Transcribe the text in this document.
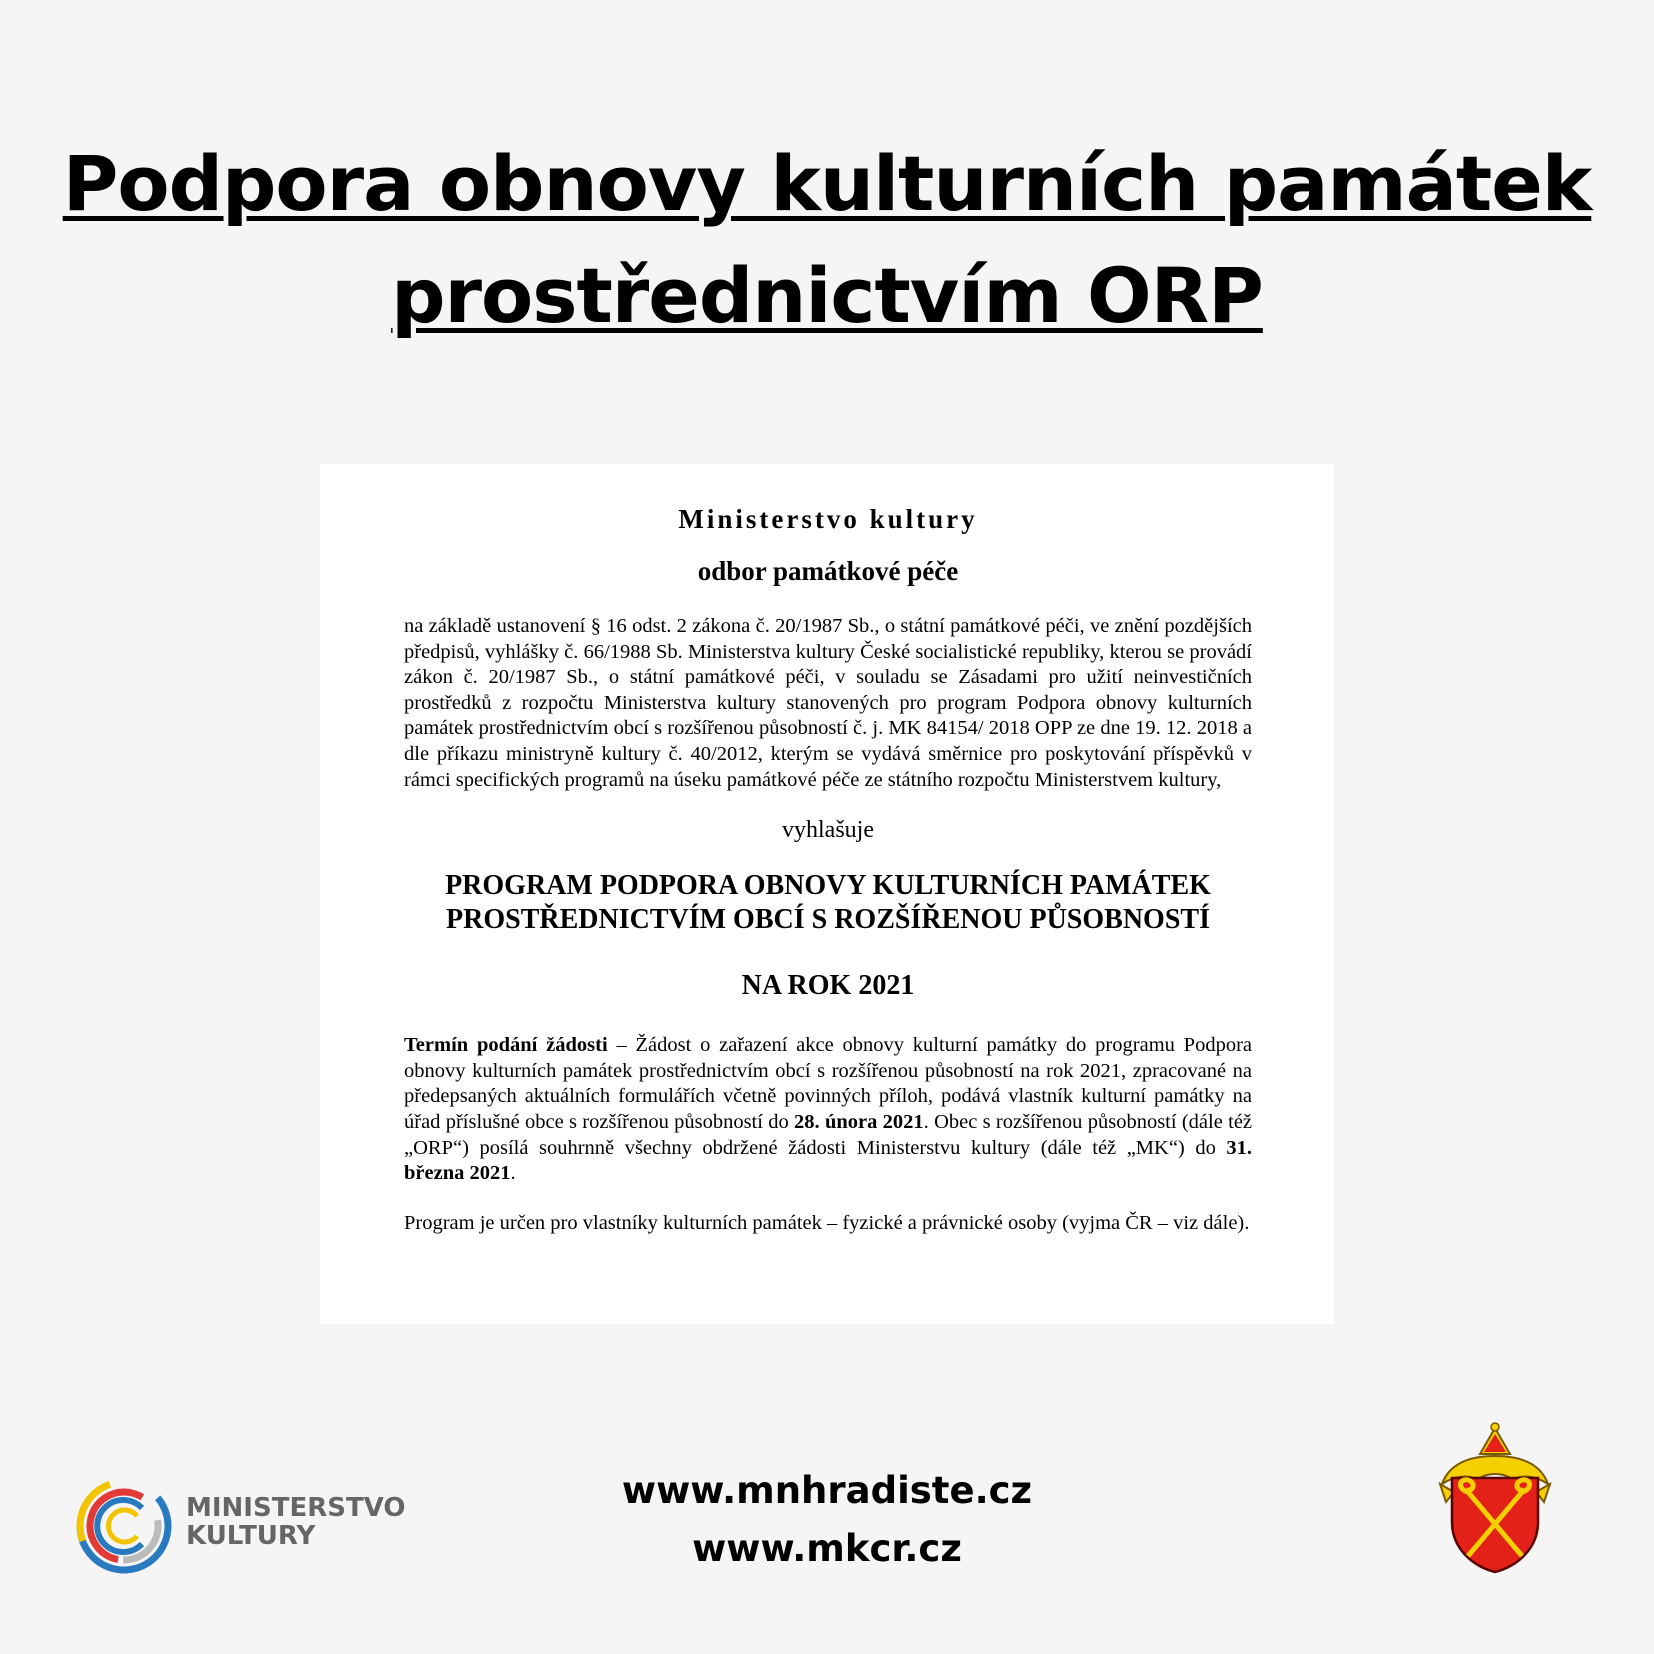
Podpora obnovy kulturních památek
prostřednictvím ORP

Ministerstvo kultury

odbor památkové péče

na základě ustanovení § 16 odst. 2 zákona č. 20/1987 Sb., o státní památkové péči, ve znění pozdějších předpisů, vyhlášky č. 66/1988 Sb. Ministerstva kultury České socialistické republiky, kterou se provádí zákon č. 20/1987 Sb., o státní památkové péči, v souladu se Zásadami pro užití neinvestičních prostředků z rozpočtu Ministerstva kultury stanovených pro program Podpora obnovy kulturních památek prostřednictvím obcí s rozšířenou působností č. j. MK 84154/ 2018 OPP ze dne 19. 12. 2018 a dle příkazu ministryně kultury č. 40/2012, kterým se vydává směrnice pro poskytování příspěvků v rámci specifických programů na úseku památkové péče ze státního rozpočtu Ministerstvem kultury,

vyhlašuje

PROGRAM PODPORA OBNOVY KULTURNÍCH PAMÁTEK
PROSTŘEDNICTVÍM OBCÍ S ROZŠÍŘENOU PŮSOBNOSTÍ

NA ROK 2021

Termín podání žádosti – Žádost o zařazení akce obnovy kulturní památky do programu Podpora obnovy kulturních památek prostřednictvím obcí s rozšířenou působností na rok 2021, zpracované na předepsaných aktuálních formulářích včetně povinných příloh, podává vlastník kulturní památky na úřad příslušné obce s rozšířenou působností do 28. února 2021. Obec s rozšířenou působností (dále též „ORP“) posílá souhrnně všechny obdržené žádosti Ministerstvu kultury (dále též „MK“) do 31. března 2021.

Program je určen pro vlastníky kulturních památek – fyzické a právnické osoby (vyjma ČR – viz dále).

MINISTERSTVO
KULTURY
www.mnhradiste.cz
www.mkcr.cz
